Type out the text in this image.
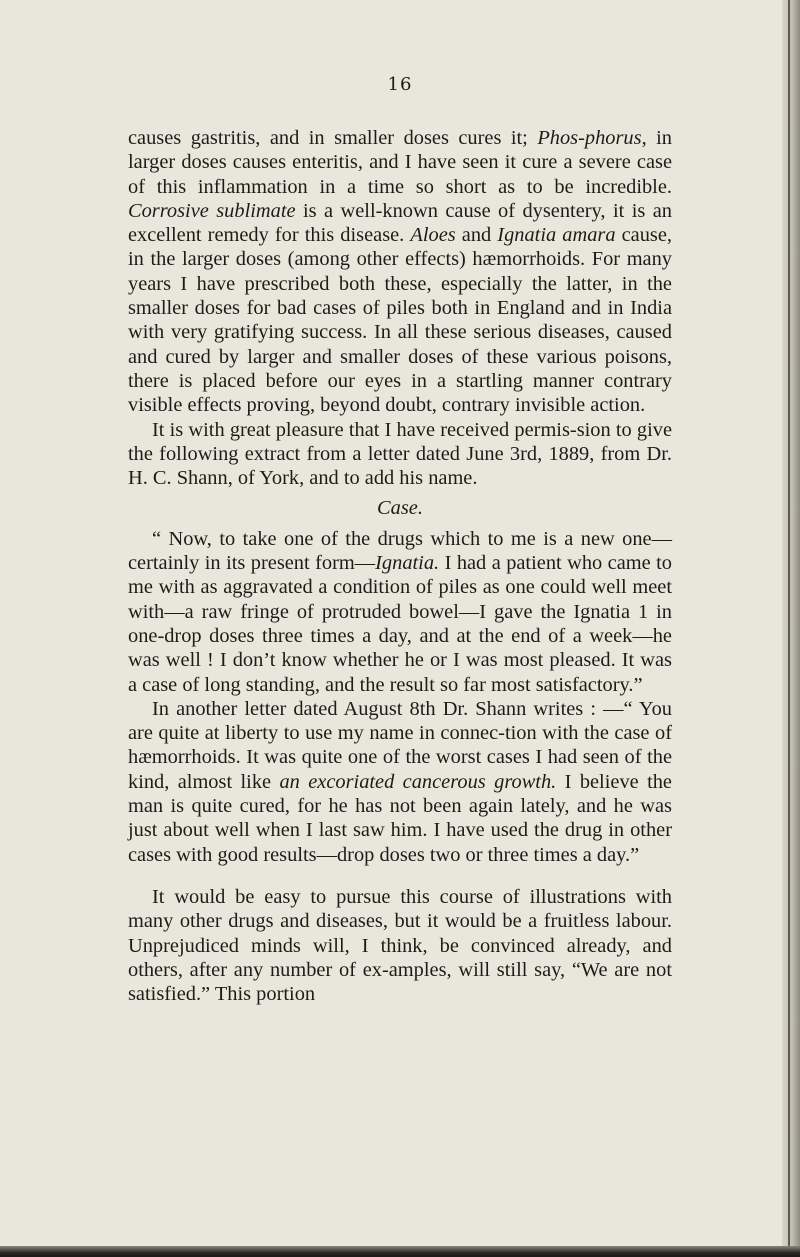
16

causes gastritis, and in smaller doses cures it; Phos-phorus, in larger doses causes enteritis, and I have seen it cure a severe case of this inflammation in a time so short as to be incredible. Corrosive sublimate is a well-known cause of dysentery, it is an excellent remedy for this disease. Aloes and Ignatia amara cause, in the larger doses (among other effects) hæmorrhoids. For many years I have prescribed both these, especially the latter, in the smaller doses for bad cases of piles both in England and in India with very gratifying success. In all these serious diseases, caused and cured by larger and smaller doses of these various poisons, there is placed before our eyes in a startling manner contrary visible effects proving, beyond doubt, contrary invisible action.

It is with great pleasure that I have received permis-sion to give the following extract from a letter dated June 3rd, 1889, from Dr. H. C. Shann, of York, and to add his name.

Case.

“ Now, to take one of the drugs which to me is a new one—certainly in its present form—Ignatia. I had a patient who came to me with as aggravated a condition of piles as one could well meet with—a raw fringe of protruded bowel—I gave the Ignatia 1 in one-drop doses three times a day, and at the end of a week—he was well ! I don’t know whether he or I was most pleased. It was a case of long standing, and the result so far most satisfactory.”

In another letter dated August 8th Dr. Shann writes : —“ You are quite at liberty to use my name in connec-tion with the case of hæmorrhoids. It was quite one of the worst cases I had seen of the kind, almost like an excoriated cancerous growth. I believe the man is quite cured, for he has not been again lately, and he was just about well when I last saw him. I have used the drug in other cases with good results—drop doses two or three times a day.”

It would be easy to pursue this course of illustrations with many other drugs and diseases, but it would be a fruitless labour. Unprejudiced minds will, I think, be convinced already, and others, after any number of ex-amples, will still say, “We are not satisfied.” This portion
